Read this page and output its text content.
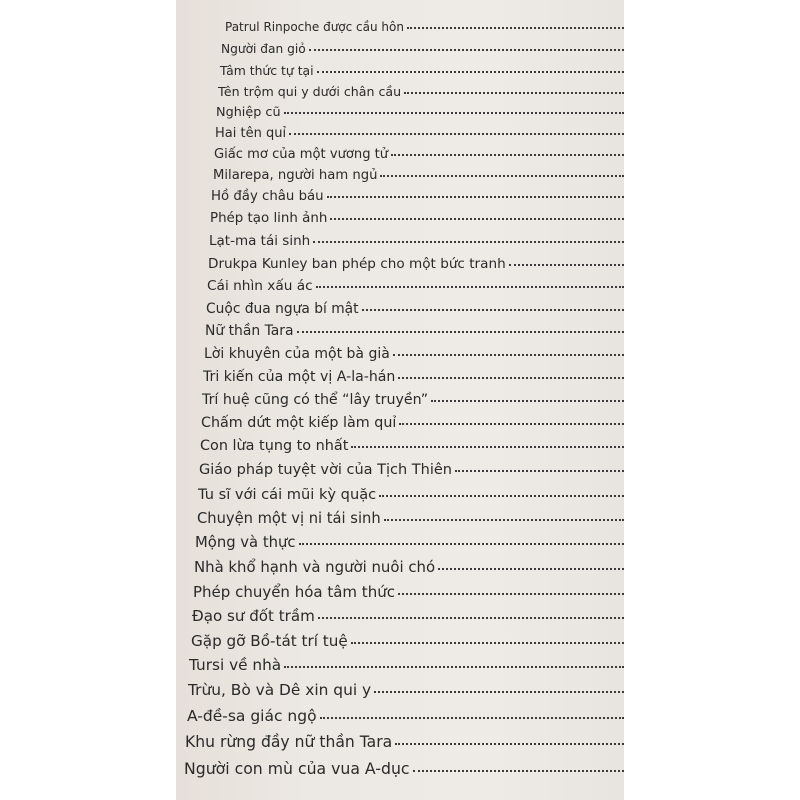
Patrul Rinpoche được cầu hôn
Người đan giỏ
Tâm thức tự tại
Tên trộm qui y dưới chân cầu
Nghiệp cũ
Hai tên quỉ
Giấc mơ của một vương tử
Milarepa, người ham ngủ
Hồ đầy châu báu
Phép tạo linh ảnh
Lạt-ma tái sinh
Drukpa Kunley ban phép cho một bức tranh
Cái nhìn xấu ác
Cuộc đua ngựa bí mật
Nữ thần Tara
Lời khuyên của một bà già
Tri kiến của một vị A-la-hán
Trí huệ cũng có thể “lây truyền”
Chấm dứt một kiếp làm quỉ
Con lừa tụng to nhất
Giáo pháp tuyệt vời của Tịch Thiên
Tu sĩ với cái mũi kỳ quặc
Chuyện một vị ni tái sinh
Mộng và thực
Nhà khổ hạnh và người nuôi chó
Phép chuyển hóa tâm thức
Đạo sư đốt trầm
Gặp gỡ Bồ-tát trí tuệ
Tursi về nhà
Trừu, Bò và Dê xin qui y
A-đề-sa giác ngộ
Khu rừng đầy nữ thần Tara
Người con mù của vua A-dục
